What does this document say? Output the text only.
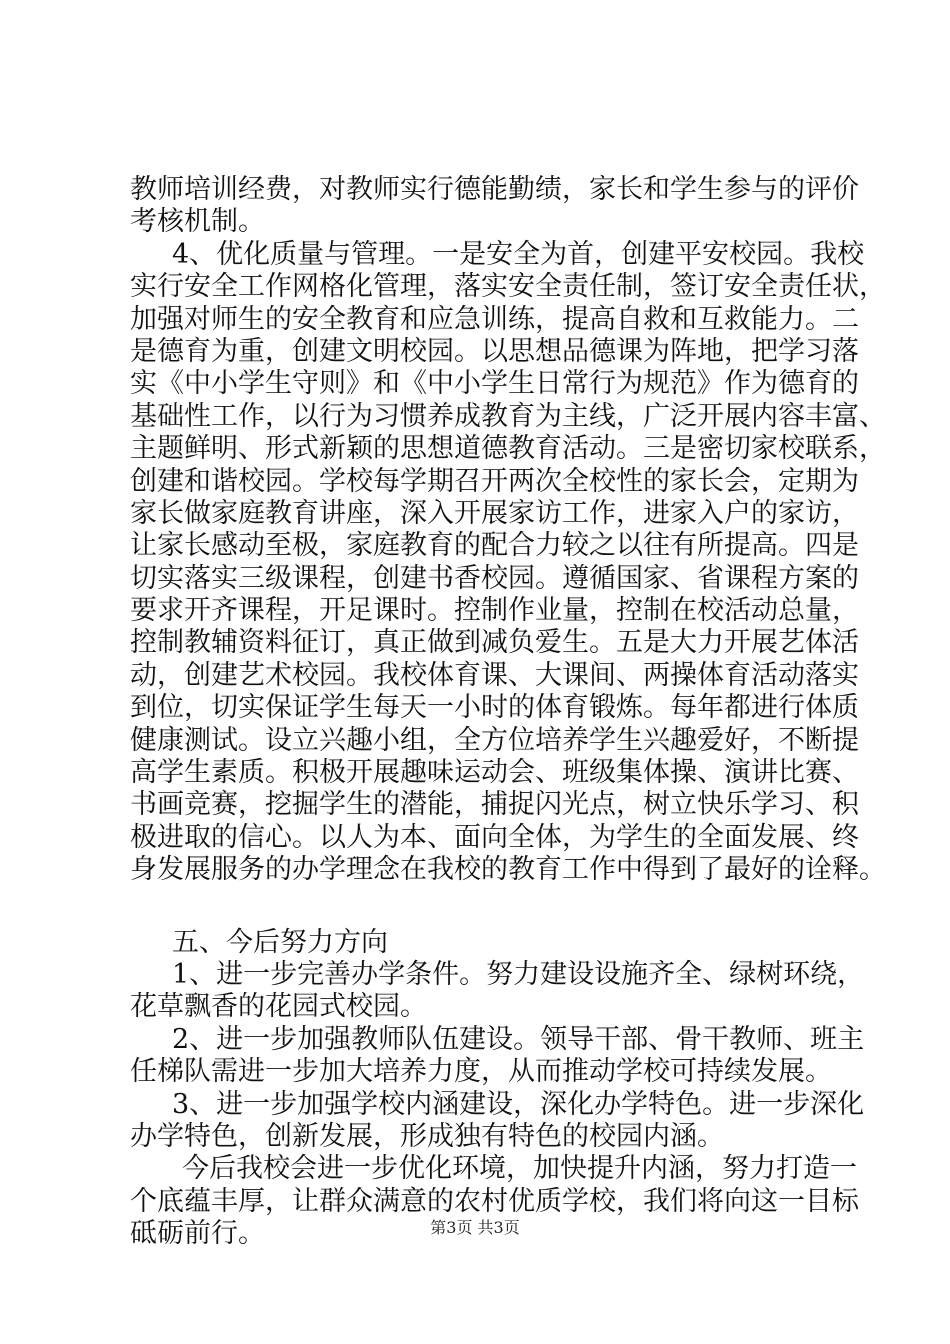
教师培训经费，对教师实行德能勤绩，家长和学生参与的评价
考核机制。
4、优化质量与管理。一是安全为首，创建平安校园。我校
实行安全工作网格化管理，落实安全责任制，签订安全责任状，
加强对师生的安全教育和应急训练，提高自救和互救能力。二
是德育为重，创建文明校园。以思想品德课为阵地，把学习落
实《中小学生守则》和《中小学生日常行为规范》作为德育的
基础性工作，以行为习惯养成教育为主线，广泛开展内容丰富、
主题鲜明、形式新颖的思想道德教育活动。三是密切家校联系，
创建和谐校园。学校每学期召开两次全校性的家长会，定期为
家长做家庭教育讲座，深入开展家访工作，进家入户的家访，
让家长感动至极，家庭教育的配合力较之以往有所提高。四是
切实落实三级课程，创建书香校园。遵循国家、省课程方案的
要求开齐课程，开足课时。控制作业量，控制在校活动总量，
控制教辅资料征订，真正做到减负爱生。五是大力开展艺体活
动，创建艺术校园。我校体育课、大课间、两操体育活动落实
到位，切实保证学生每天一小时的体育锻炼。每年都进行体质
健康测试。设立兴趣小组，全方位培养学生兴趣爱好，不断提
高学生素质。积极开展趣味运动会、班级集体操、演讲比赛、
书画竞赛，挖掘学生的潜能，捕捉闪光点，树立快乐学习、积
极进取的信心。以人为本、面向全体，为学生的全面发展、终
身发展服务的办学理念在我校的教育工作中得到了最好的诠释。
五、今后努力方向
1、进一步完善办学条件。努力建设设施齐全、绿树环绕，
花草飘香的花园式校园。
2、进一步加强教师队伍建设。领导干部、骨干教师、班主
任梯队需进一步加大培养力度，从而推动学校可持续发展。
3、进一步加强学校内涵建设，深化办学特色。进一步深化
办学特色，创新发展，形成独有特色的校园内涵。
今后我校会进一步优化环境，加快提升内涵，努力打造一
个底蕴丰厚，让群众满意的农村优质学校，我们将向这一目标
砥砺前行。	第3页 共3页
